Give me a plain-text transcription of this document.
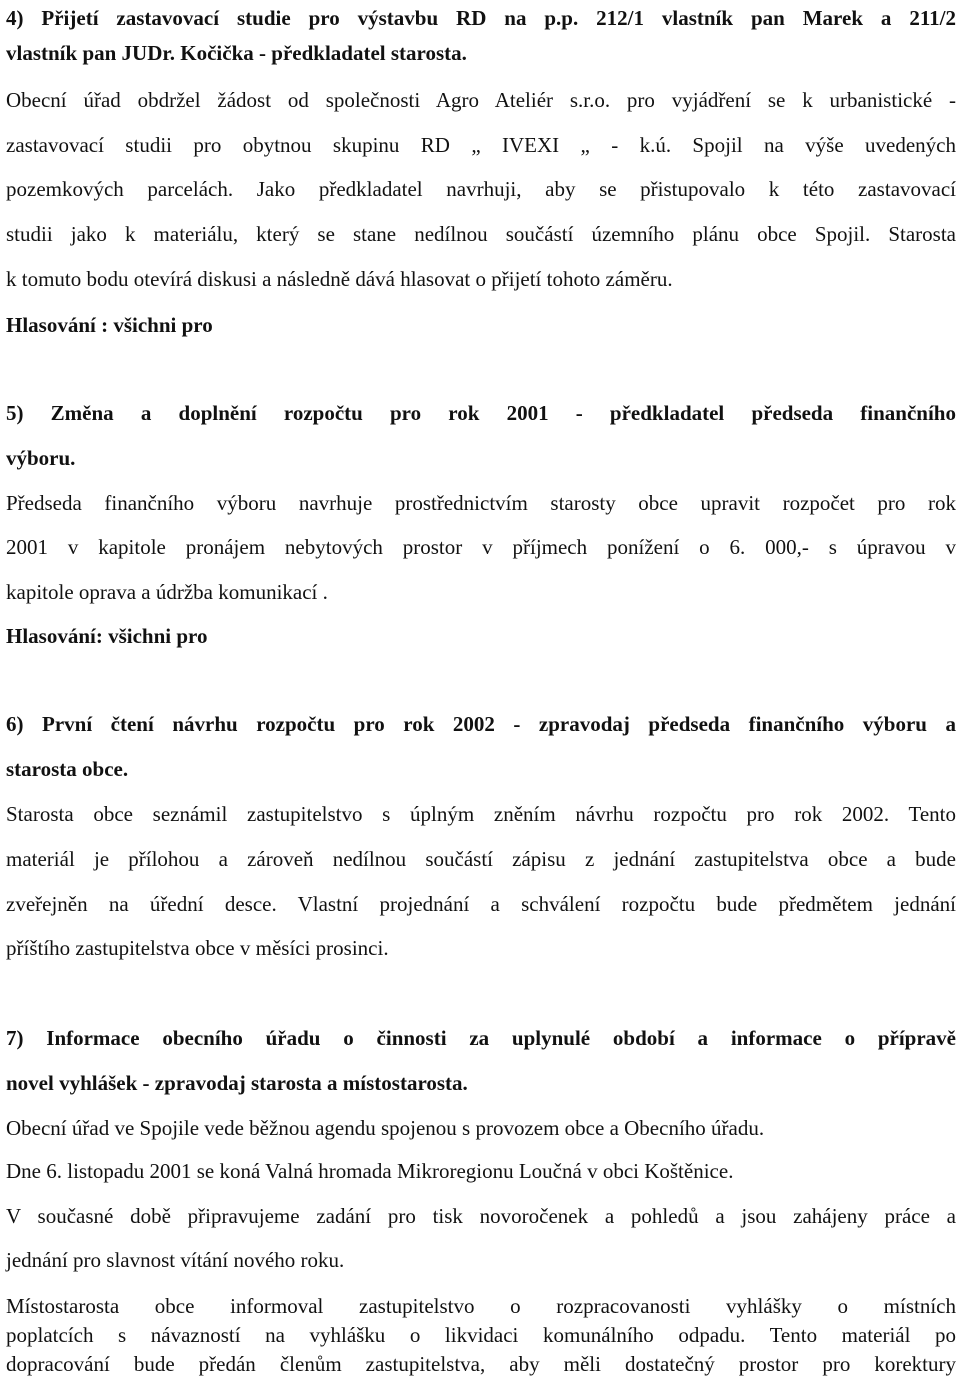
4) Přijetí zastavovací studie pro výstavbu RD na p.p. 212/1 vlastník pan Marek a 211/2

vlastník pan JUDr. Kočička - předkladatel starosta.

Obecní úřad obdržel žádost od společnosti Agro Ateliér s.r.o. pro vyjádření se k urbanistické -

zastavovací studii pro obytnou skupinu RD „ IVEXI „ - k.ú. Spojil na výše uvedených

pozemkových parcelách. Jako předkladatel navrhuji, aby se přistupovalo k této zastavovací

studii jako k materiálu, který se stane nedílnou součástí územního plánu obce Spojil. Starosta

k tomuto bodu otevírá diskusi a následně dává hlasovat o přijetí tohoto záměru.

Hlasování : všichni pro

5) Změna a doplnění rozpočtu pro rok 2001 - předkladatel předseda finančního

výboru.

Předseda finančního výboru navrhuje prostřednictvím starosty obce upravit rozpočet pro rok

2001 v kapitole pronájem nebytových prostor v příjmech ponížení o 6. 000,- s úpravou v

kapitole oprava a údržba komunikací .

Hlasování: všichni pro

6) První čtení návrhu rozpočtu pro rok 2002 - zpravodaj předseda finančního výboru a

starosta obce.

Starosta obce seznámil zastupitelstvo s úplným zněním návrhu rozpočtu pro rok 2002. Tento

materiál je přílohou a zároveň nedílnou součástí zápisu z jednání zastupitelstva obce a bude

zveřejněn na úřední desce. Vlastní projednání a schválení rozpočtu bude předmětem jednání

příštího zastupitelstva obce v měsíci prosinci.

7) Informace obecního úřadu o činnosti za uplynulé období a informace o přípravě

novel vyhlášek - zpravodaj starosta a místostarosta.

Obecní úřad ve Spojile vede běžnou agendu spojenou s provozem obce a Obecního úřadu.

Dne 6. listopadu 2001 se koná Valná hromada Mikroregionu Loučná v obci Koštěnice.

V současné době připravujeme zadání pro tisk novoročenek a pohledů a jsou zahájeny práce a

jednání pro slavnost vítání nového roku.

Místostarosta obce informoval zastupitelstvo o rozpracovanosti vyhlášky o místních

poplatcích s návazností na vyhlášku o likvidaci komunálního odpadu. Tento materiál po

dopracování bude předán členům zastupitelstva, aby měli dostatečný prostor pro korektury
